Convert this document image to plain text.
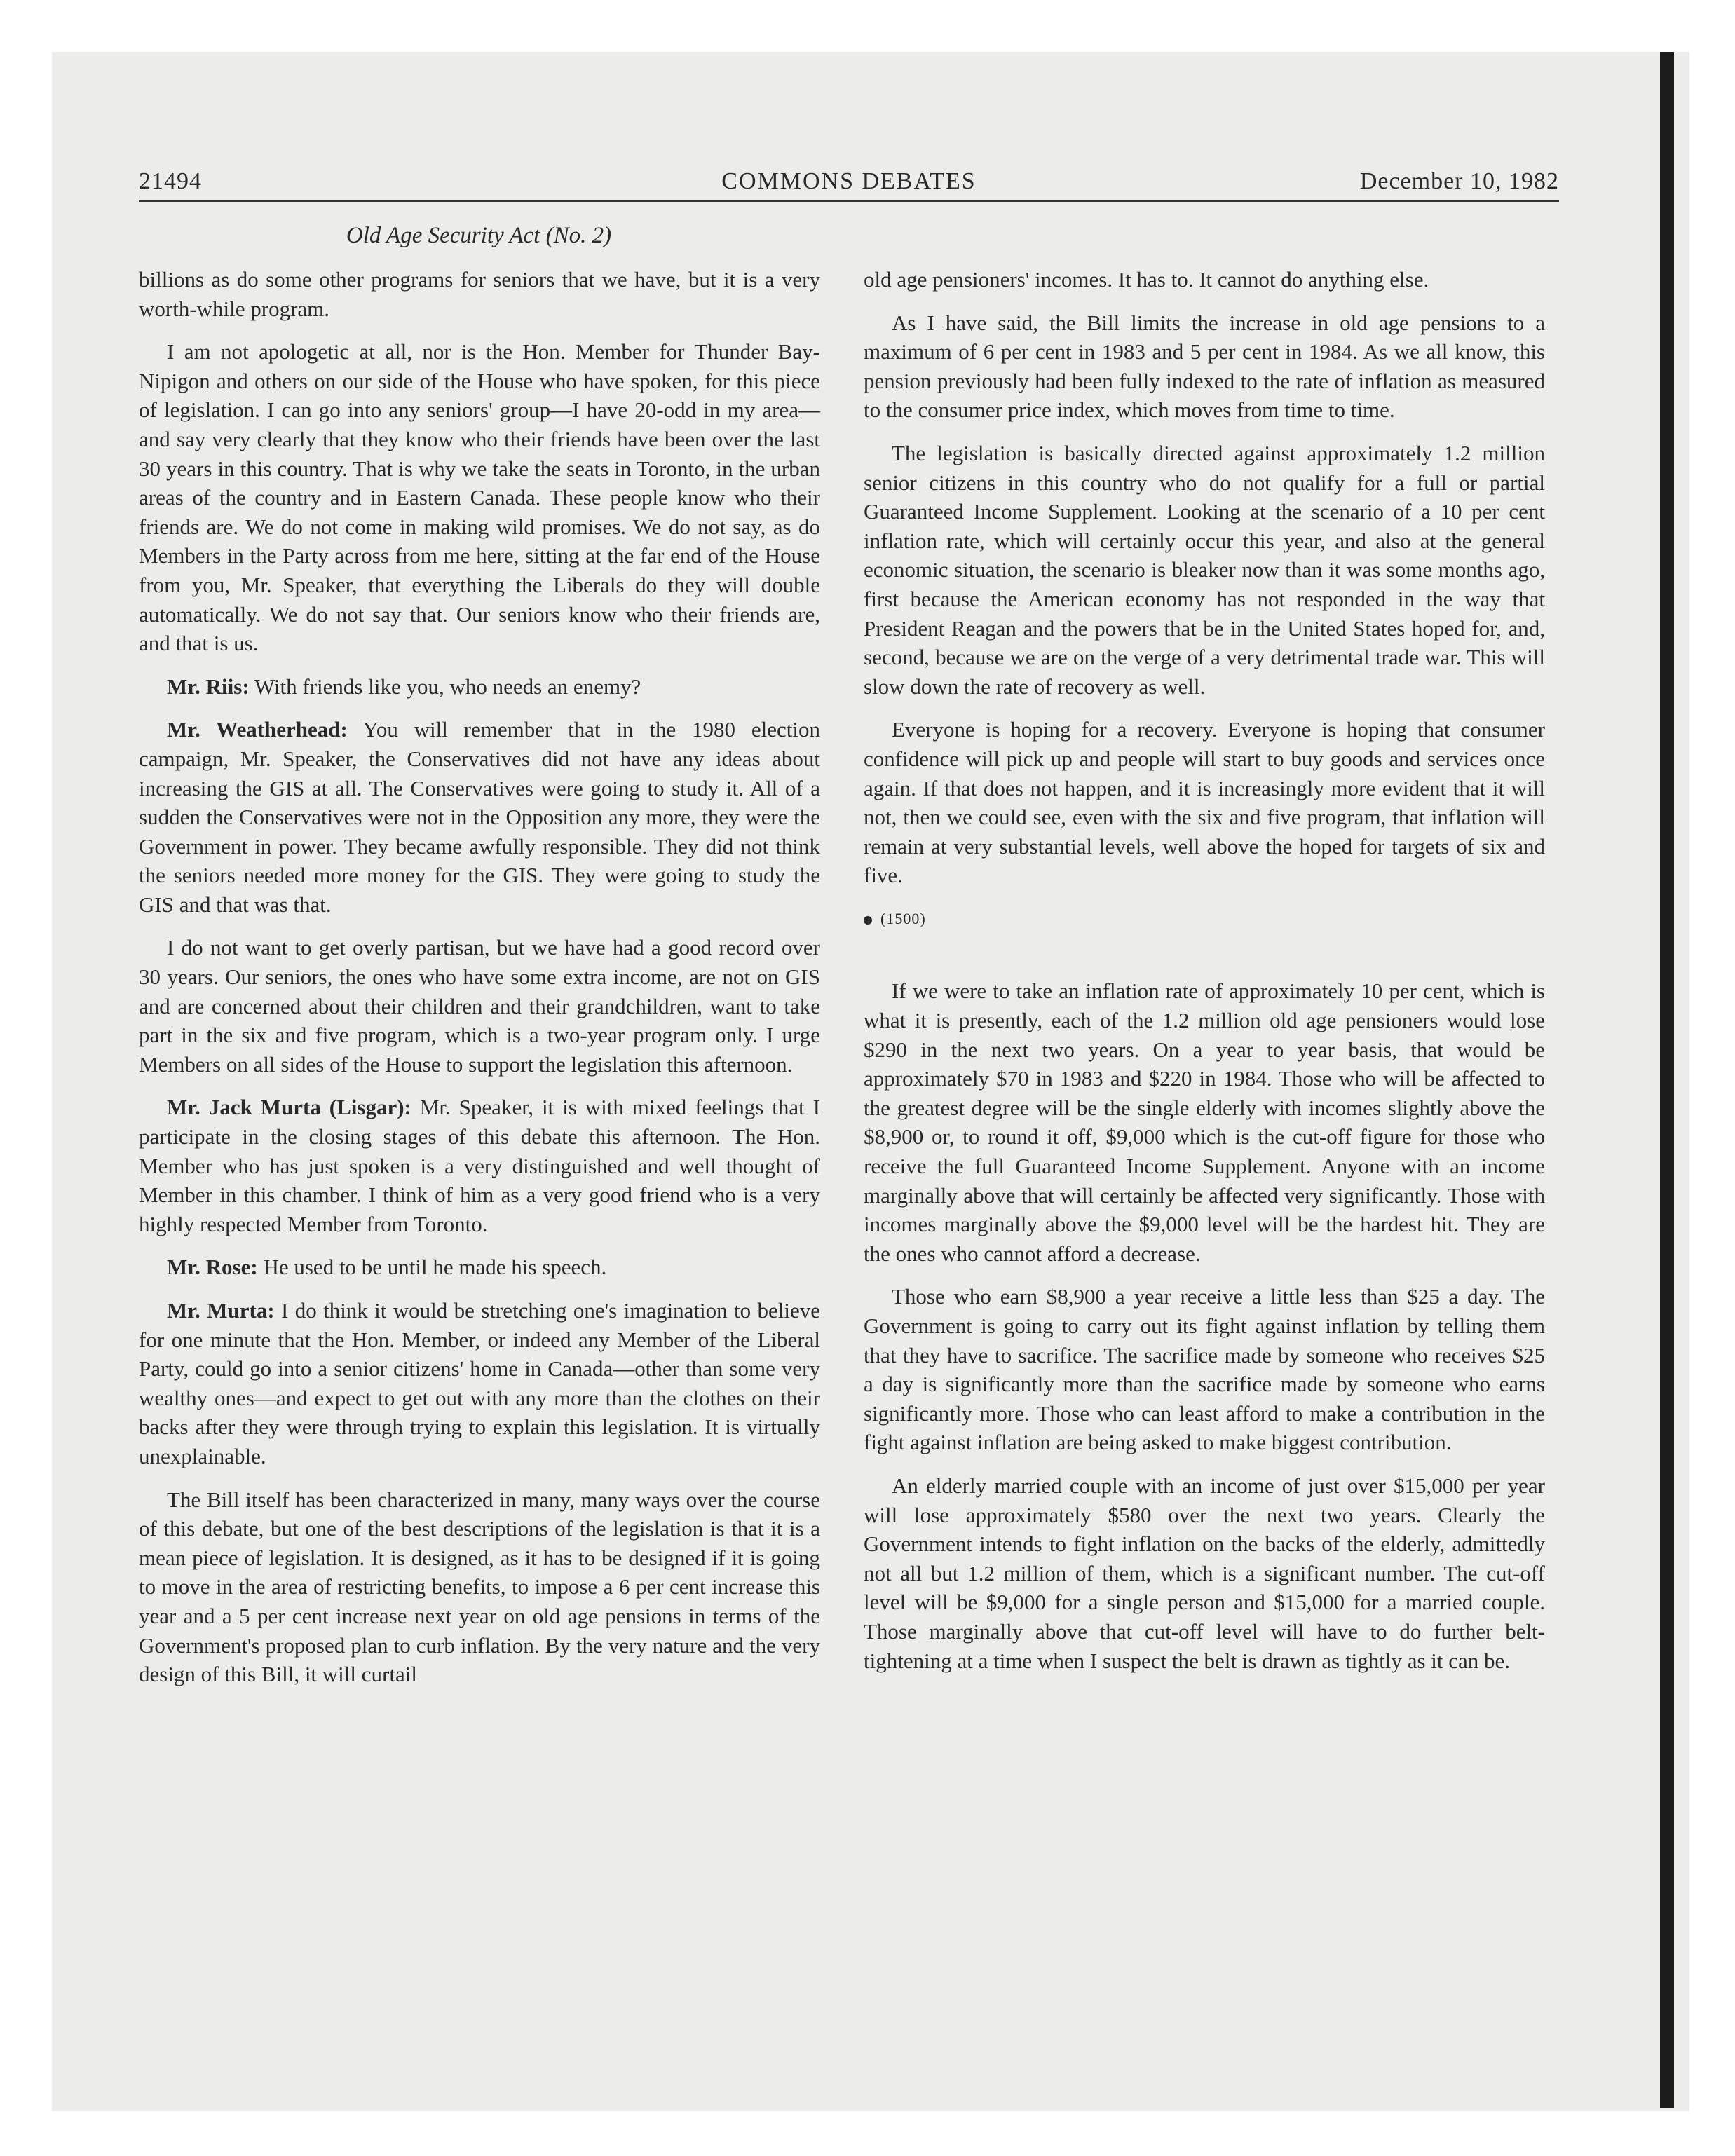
21494	COMMONS DEBATES	December 10, 1982
Old Age Security Act (No. 2)

billions as do some other programs for seniors that we have, but it is a very worth-while program.

I am not apologetic at all, nor is the Hon. Member for Thunder Bay-Nipigon and others on our side of the House who have spoken, for this piece of legislation. I can go into any seniors' group—I have 20-odd in my area—and say very clearly that they know who their friends have been over the last 30 years in this country. That is why we take the seats in Toronto, in the urban areas of the country and in Eastern Canada. These people know who their friends are. We do not come in making wild promises. We do not say, as do Members in the Party across from me here, sitting at the far end of the House from you, Mr. Speaker, that everything the Liberals do they will double automatically. We do not say that. Our seniors know who their friends are, and that is us.

Mr. Riis: With friends like you, who needs an enemy?

Mr. Weatherhead: You will remember that in the 1980 election campaign, Mr. Speaker, the Conservatives did not have any ideas about increasing the GIS at all. The Conservatives were going to study it. All of a sudden the Conservatives were not in the Opposition any more, they were the Government in power. They became awfully responsible. They did not think the seniors needed more money for the GIS. They were going to study the GIS and that was that.

I do not want to get overly partisan, but we have had a good record over 30 years. Our seniors, the ones who have some extra income, are not on GIS and are concerned about their children and their grandchildren, want to take part in the six and five program, which is a two-year program only. I urge Members on all sides of the House to support the legislation this afternoon.

Mr. Jack Murta (Lisgar): Mr. Speaker, it is with mixed feelings that I participate in the closing stages of this debate this afternoon. The Hon. Member who has just spoken is a very distinguished and well thought of Member in this chamber. I think of him as a very good friend who is a very highly respected Member from Toronto.

Mr. Rose: He used to be until he made his speech.

Mr. Murta: I do think it would be stretching one's imagination to believe for one minute that the Hon. Member, or indeed any Member of the Liberal Party, could go into a senior citizens' home in Canada—other than some very wealthy ones—and expect to get out with any more than the clothes on their backs after they were through trying to explain this legislation. It is virtually unexplainable.

The Bill itself has been characterized in many, many ways over the course of this debate, but one of the best descriptions of the legislation is that it is a mean piece of legislation. It is designed, as it has to be designed if it is going to move in the area of restricting benefits, to impose a 6 per cent increase this year and a 5 per cent increase next year on old age pensions in terms of the Government's proposed plan to curb inflation. By the very nature and the very design of this Bill, it will curtail

old age pensioners' incomes. It has to. It cannot do anything else.

As I have said, the Bill limits the increase in old age pensions to a maximum of 6 per cent in 1983 and 5 per cent in 1984. As we all know, this pension previously had been fully indexed to the rate of inflation as measured to the consumer price index, which moves from time to time.

The legislation is basically directed against approximately 1.2 million senior citizens in this country who do not qualify for a full or partial Guaranteed Income Supplement. Looking at the scenario of a 10 per cent inflation rate, which will certainly occur this year, and also at the general economic situation, the scenario is bleaker now than it was some months ago, first because the American economy has not responded in the way that President Reagan and the powers that be in the United States hoped for, and, second, because we are on the verge of a very detrimental trade war. This will slow down the rate of recovery as well.

Everyone is hoping for a recovery. Everyone is hoping that consumer confidence will pick up and people will start to buy goods and services once again. If that does not happen, and it is increasingly more evident that it will not, then we could see, even with the six and five program, that inflation will remain at very substantial levels, well above the hoped for targets of six and five.

(1500)

If we were to take an inflation rate of approximately 10 per cent, which is what it is presently, each of the 1.2 million old age pensioners would lose $290 in the next two years. On a year to year basis, that would be approximately $70 in 1983 and $220 in 1984. Those who will be affected to the greatest degree will be the single elderly with incomes slightly above the $8,900 or, to round it off, $9,000 which is the cut-off figure for those who receive the full Guaranteed Income Supplement. Anyone with an income marginally above that will certainly be affected very significantly. Those with incomes marginally above the $9,000 level will be the hardest hit. They are the ones who cannot afford a decrease.

Those who earn $8,900 a year receive a little less than $25 a day. The Government is going to carry out its fight against inflation by telling them that they have to sacrifice. The sacrifice made by someone who receives $25 a day is significantly more than the sacrifice made by someone who earns significantly more. Those who can least afford to make a contribution in the fight against inflation are being asked to make biggest contribution.

An elderly married couple with an income of just over $15,000 per year will lose approximately $580 over the next two years. Clearly the Government intends to fight inflation on the backs of the elderly, admittedly not all but 1.2 million of them, which is a significant number. The cut-off level will be $9,000 for a single person and $15,000 for a married couple. Those marginally above that cut-off level will have to do further belt-tightening at a time when I suspect the belt is drawn as tightly as it can be.
